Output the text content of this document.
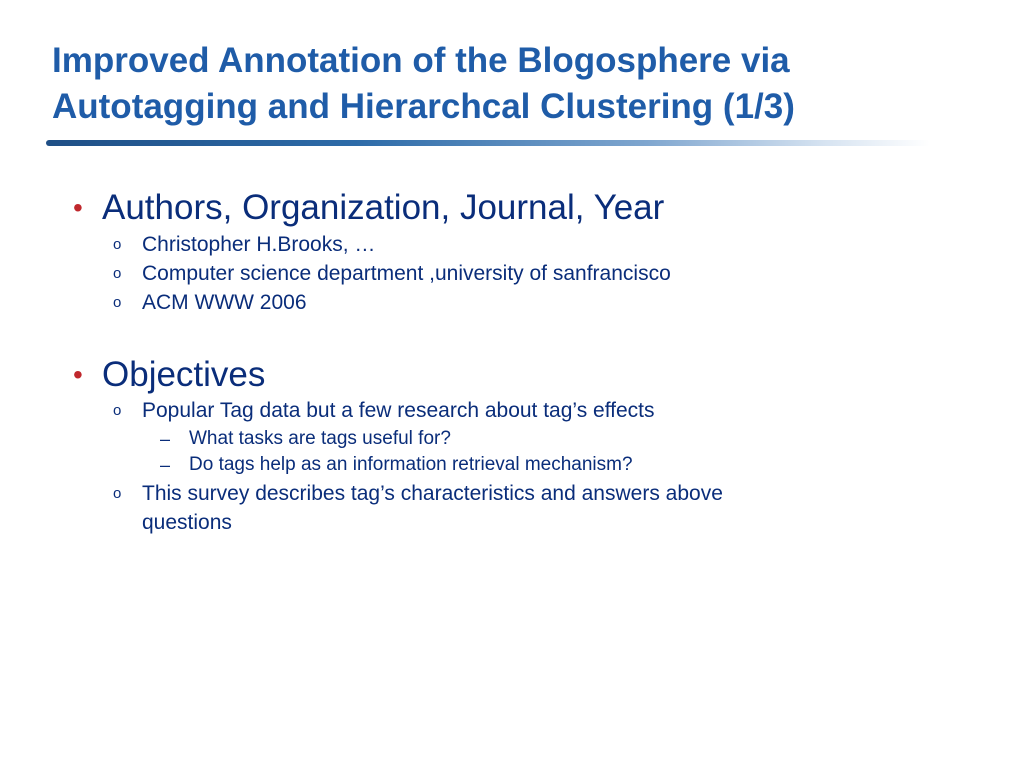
Improved Annotation of the Blogosphere via
Autotagging and Hierarchcal Clustering (1/3)
• Authors, Organization, Journal, Year
o Christopher H.Brooks, …
o Computer science department ,university of sanfrancisco
o ACM WWW 2006
• Objectives
o Popular Tag data but a few research about tag’s effects
– What tasks are tags useful for?
– Do tags help as an information retrieval mechanism?
o This survey describes tag’s characteristics and answers above
questions
